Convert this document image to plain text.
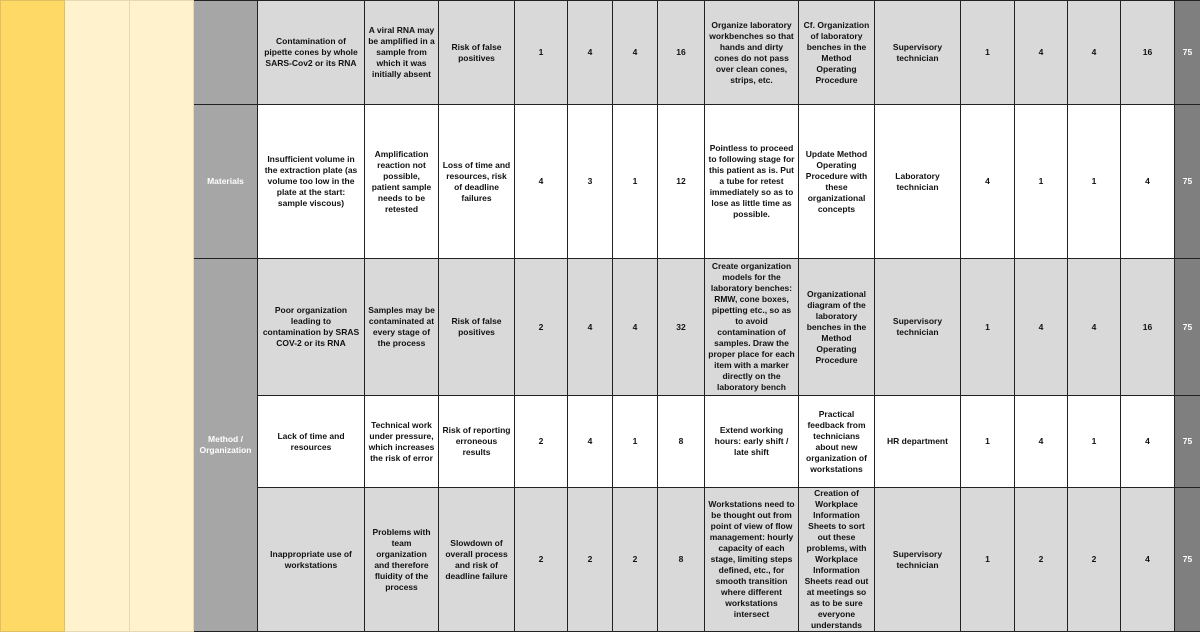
				Contamination of pipette cones by whole SARS-Cov2 or its RNA	A viral RNA may be amplified in a sample from which it was initially absent	Risk of false positives	1	4	4	16	Organize laboratory workbenches so that hands and dirty cones do not pass over clean cones, strips, etc.	Cf. Organization of laboratory benches in the Method Operating Procedure	Supervisory technician	1	4	4	16	75
			Materials	Insufficient volume in the extraction plate (as volume too low in the plate at the start: sample viscous)	Amplification reaction not possible, patient sample needs to be retested	Loss of time and resources, risk of deadline failures	4	3	1	12	Pointless to proceed to following stage for this patient as is. Put a tube for retest immediately so as to lose as little time as possible.	Update Method Operating Procedure with these organizational concepts	Laboratory technician	4	1	1	4	75
			Method / Organization	Poor organization leading to contamination by SRAS COV-2 or its RNA	Samples may be contaminated at every stage of the process	Risk of false positives	2	4	4	32	Create organization models for the laboratory benches: RMW, cone boxes, pipetting etc., so as to avoid contamination of samples. Draw the proper place for each item with a marker directly on the laboratory bench	Organizational diagram of the laboratory benches in the Method Operating Procedure	Supervisory technician	1	4	4	16	75
				Lack of time and resources	Technical work under pressure, which increases the risk of error	Risk of reporting erroneous results	2	4	1	8	Extend working hours: early shift / late shift	Practical feedback from technicians about new organization of workstations	HR department	1	4	1	4	75
				Inappropriate use of workstations	Problems with team organization and therefore fluidity of the process	Slowdown of overall process and risk of deadline failure	2	2	2	8	Workstations need to be thought out from point of view of flow management: hourly capacity of each stage, limiting steps defined, etc., for smooth transition where different workstations intersect	Creation of Workplace Information Sheets to sort out these problems, with Workplace Information Sheets read out at meetings so as to be sure everyone understands	Supervisory technician	1	2	2	4	75
